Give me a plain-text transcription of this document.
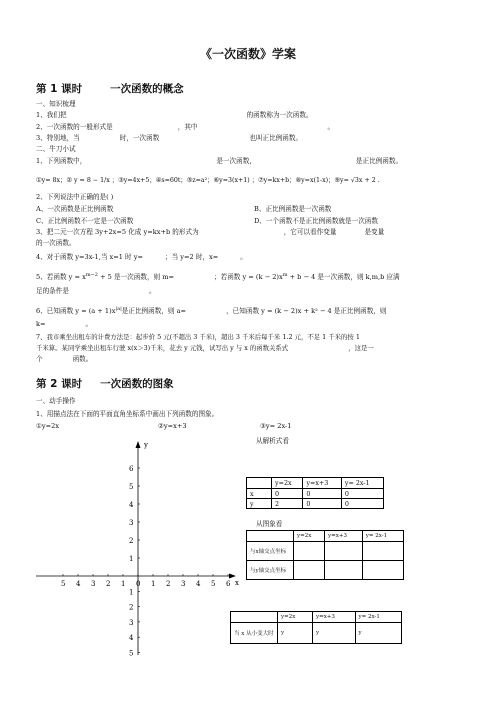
《一次函数》学案
第 1 课时	一次函数的概念
一、知识梳理
1、我们把	的函数称为一次函数。
2、一次函数的一般形式是	，其中	。
3、特别地，当	时，一次函数	也叫正比例函数。
二、牛刀小试
1、下列函数中，	是一次函数，	是正比例函数。
①y= 8x；② y = 8 − 1/x ；③y=4x+5；④s=60t；⑤z=a²；⑥y=3(x+1) ；⑦y=kx+b；⑧y=x(1-x)；⑨y= √3x + 2 .
2、下列说法中正确的是( )
A、一次函数是正比例函数	B、正比例函数是一次函数
C、正比例函数不一定是一次函数	D、一个函数不是正比例函数就是一次函数
3、把二元一次方程 3y+2x=5 化成 y=kx+b 的形式为	，它可以看作变量	是变量
的一次函数。
4、对于函数 y=3x-1,当 x=1 时 y=	；当 y=2 时，x=	。
5、若函数 $y = x^{m-2} + 5$ 是一次函数，则 m=	；若函数 $y = (k - 2)x^m + b - 4$ 是一次函数，则 k,m,b 应满
足的条件是	。
6、已知函数 $y = (a + 1)x^{|a|}$是正比例函数，则 a=	，已知函数 y = (k − 2)x + k² − 4 是正比例函数，则
k=	。
7、我市乘坐出租车的计费方法是：起步价 5 元(不超出 3 千米)，超出 3 千米后每千米 1.2 元，不足 1 千米的按 1
千米算。某同学乘坐出租车行驶 x(x＞3)千米，花去 y 元钱，试写出 y 与 x 的函数关系式	，这是一
个	函数。
第 2 课时 一次函数的图象
一、动手操作
1、用描点法在下面的平面直角坐标系中画出下列函数的图象。
①y=2x	②y=x+3	③y= 2x-1
y
x
5 4 3 2 1 0 1 2 3 4 5 6
6
5
4
3
2
1
1
2
3
4
5
从解析式看
	y=2x	y=x+3	y= 2x-1
x	0	0	0
y	2	0	0
从图象看
	y=2x	y=x+3	y= 2x-1
与x轴交点坐标			
与y轴交点坐标			
	y=2x	y=x+3	y= 2x-1
当 x 从小变大时	y	y	y
